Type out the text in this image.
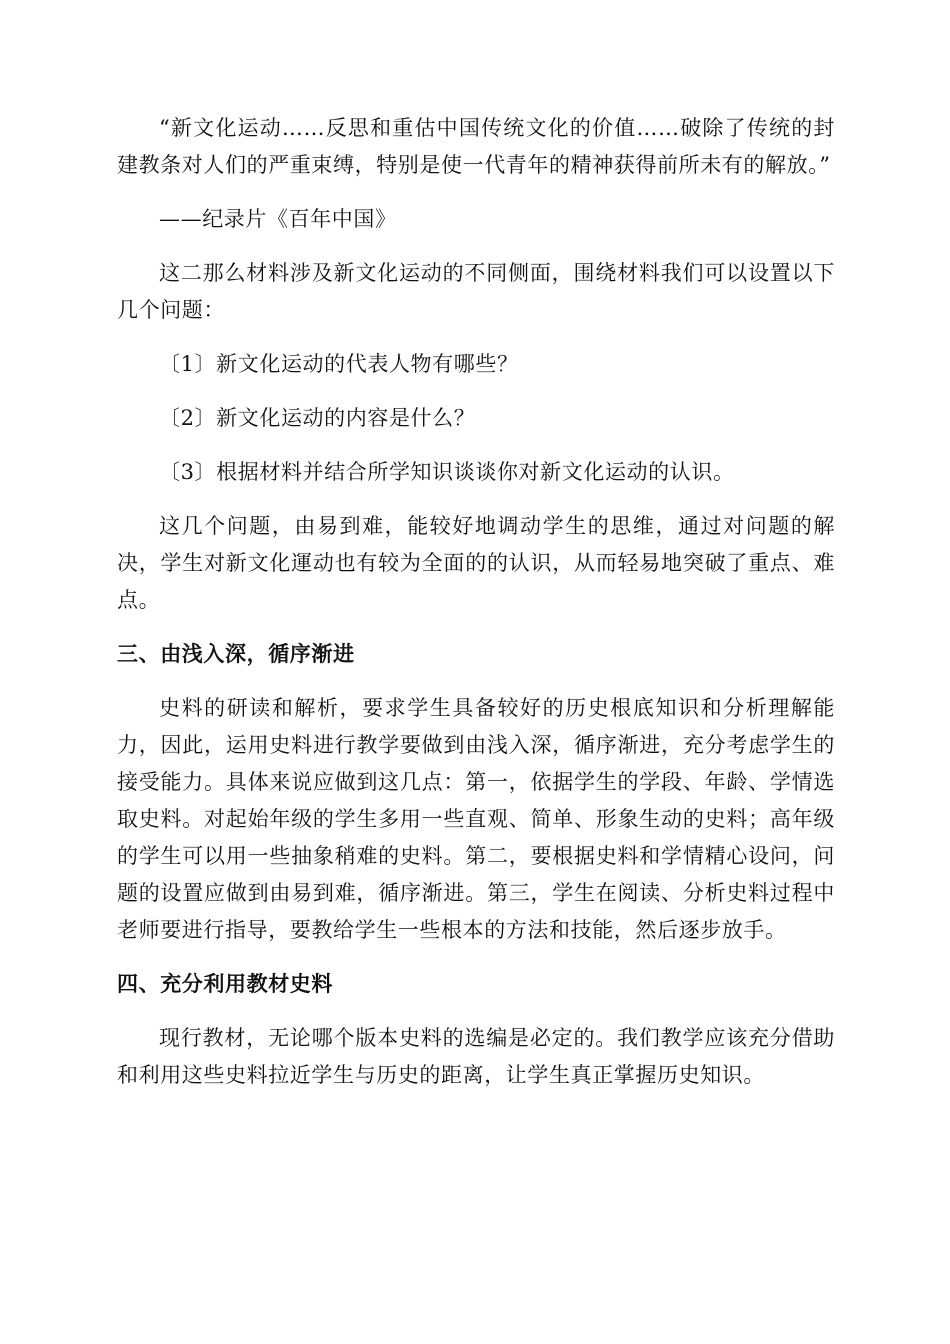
“新文化运动……反思和重估中国传统文化的价值……破除了传统的封建教条对人们的严重束缚，特别是使一代青年的精神获得前所未有的解放。”

——纪录片《百年中国》

这二那么材料涉及新文化运动的不同侧面，围绕材料我们可以设置以下几个问题：

〔1〕新文化运动的代表人物有哪些？

〔2〕新文化运动的内容是什么？

〔3〕根据材料并结合所学知识谈谈你对新文化运动的认识。

这几个问题，由易到难，能较好地调动学生的思维，通过对问题的解决，学生对新文化運动也有较为全面的的认识，从而轻易地突破了重点、难点。

三、由浅入深，循序渐进

史料的研读和解析，要求学生具备较好的历史根底知识和分析理解能力，因此，运用史料进行教学要做到由浅入深，循序渐进，充分考虑学生的接受能力。具体来说应做到这几点：第一，依据学生的学段、年龄、学情选取史料。对起始年级的学生多用一些直观、简单、形象生动的史料；高年级的学生可以用一些抽象稍难的史料。第二，要根据史料和学情精心设问，问题的设置应做到由易到难，循序渐进。第三，学生在阅读、分析史料过程中老师要进行指导，要教给学生一些根本的方法和技能，然后逐步放手。

四、充分利用教材史料

现行教材，无论哪个版本史料的选编是必定的。我们教学应该充分借助和利用这些史料拉近学生与历史的距离，让学生真正掌握历史知识。
